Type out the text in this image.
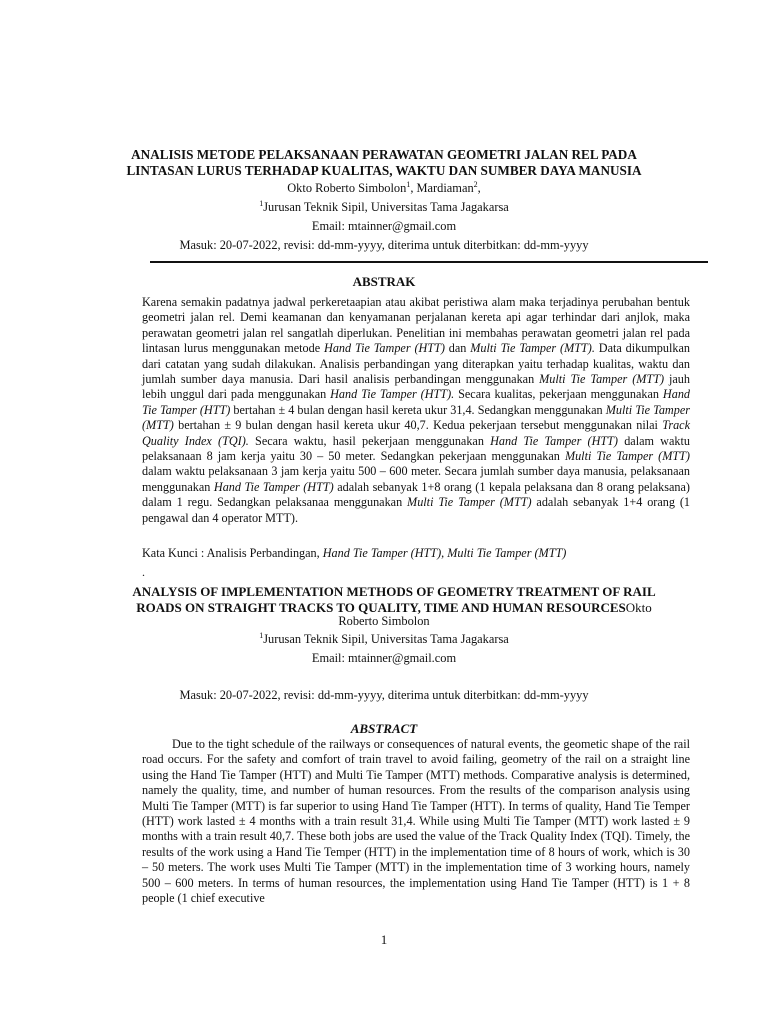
ANALISIS METODE PELAKSANAAN PERAWATAN GEOMETRI JALAN REL PADA
LINTASAN LURUS TERHADAP KUALITAS, WAKTU DAN SUMBER DAYA MANUSIA
Okto Roberto Simbolon$^1$, Mardiaman$^2$,
$^1$Jurusan Teknik Sipil, Universitas Tama Jagakarsa
Email: mtainner@gmail.com
Masuk: 20-07-2022, revisi: dd-mm-yyyy, diterima untuk diterbitkan: dd-mm-yyyy
ABSTRAK
Karena semakin padatnya jadwal perkeretaapian atau akibat peristiwa alam maka terjadinya perubahan bentuk geometri jalan rel. Demi keamanan dan kenyamanan perjalanan kereta api agar terhindar dari anjlok, maka perawatan geometri jalan rel sangatlah diperlukan. Penelitian ini membahas perawatan geometri jalan rel pada lintasan lurus menggunakan metode Hand Tie Tamper (HTT) dan Multi Tie Tamper (MTT). Data dikumpulkan dari catatan yang sudah dilakukan. Analisis perbandingan yang diterapkan yaitu terhadap kualitas, waktu dan jumlah sumber daya manusia. Dari hasil analisis perbandingan menggunakan Multi Tie Tamper (MTT) jauh lebih unggul dari pada menggunakan Hand Tie Tamper (HTT). Secara kualitas, pekerjaan menggunakan Hand Tie Tamper (HTT) bertahan ± 4 bulan dengan hasil kereta ukur 31,4. Sedangkan menggunakan Multi Tie Tamper (MTT) bertahan ± 9 bulan dengan hasil kereta ukur 40,7. Kedua pekerjaan tersebut menggunakan nilai Track Quality Index (TQI). Secara waktu, hasil pekerjaan menggunakan Hand Tie Tamper (HTT) dalam waktu pelaksanaan 8 jam kerja yaitu 30 – 50 meter. Sedangkan pekerjaan menggunakan Multi Tie Tamper (MTT) dalam waktu pelaksanaan 3 jam kerja yaitu 500 – 600 meter. Secara jumlah sumber daya manusia, pelaksanaan menggunakan Hand Tie Tamper (HTT) adalah sebanyak 1+8 orang (1 kepala pelaksana dan 8 orang pelaksana) dalam 1 regu. Sedangkan pelaksanaa menggunakan Multi Tie Tamper (MTT) adalah sebanyak 1+4 orang (1 pengawal dan 4 operator MTT).
Kata Kunci : Analisis Perbandingan, Hand Tie Tamper (HTT), Multi Tie Tamper (MTT)
.
ANALYSIS OF IMPLEMENTATION METHODS OF GEOMETRY TREATMENT OF RAIL
ROADS ON STRAIGHT TRACKS TO QUALITY, TIME AND HUMAN RESOURCESOkto
Roberto Simbolon
$^1$Jurusan Teknik Sipil, Universitas Tama Jagakarsa
Email: mtainner@gmail.com
Masuk: 20-07-2022, revisi: dd-mm-yyyy, diterima untuk diterbitkan: dd-mm-yyyy
ABSTRACT
Due to the tight schedule of the railways or consequences of natural events, the geometic shape of the rail road occurs. For the safety and comfort of train travel to avoid failing, geometry of the rail on a straight line using the Hand Tie Tamper (HTT) and Multi Tie Tamper (MTT) methods. Comparative analysis is determined, namely the quality, time, and number of human resources. From the results of the comparison analysis using Multi Tie Tamper (MTT) is far superior to using Hand Tie Tamper (HTT). In terms of quality, Hand Tie Temper (HTT) work lasted ± 4 months with a train result 31,4. While using Multi Tie Tamper (MTT) work lasted ± 9 months with a train result 40,7. These both jobs are used the value of the Track Quality Index (TQI). Timely, the results of the work using a Hand Tie Temper (HTT) in the implementation time of 8 hours of work, which is 30 – 50 meters. The work uses Multi Tie Tamper (MTT) in the implementation time of 3 working hours, namely 500 – 600 meters. In terms of human resources, the implementation using Hand Tie Tamper (HTT) is 1 + 8 people (1 chief executive
1
